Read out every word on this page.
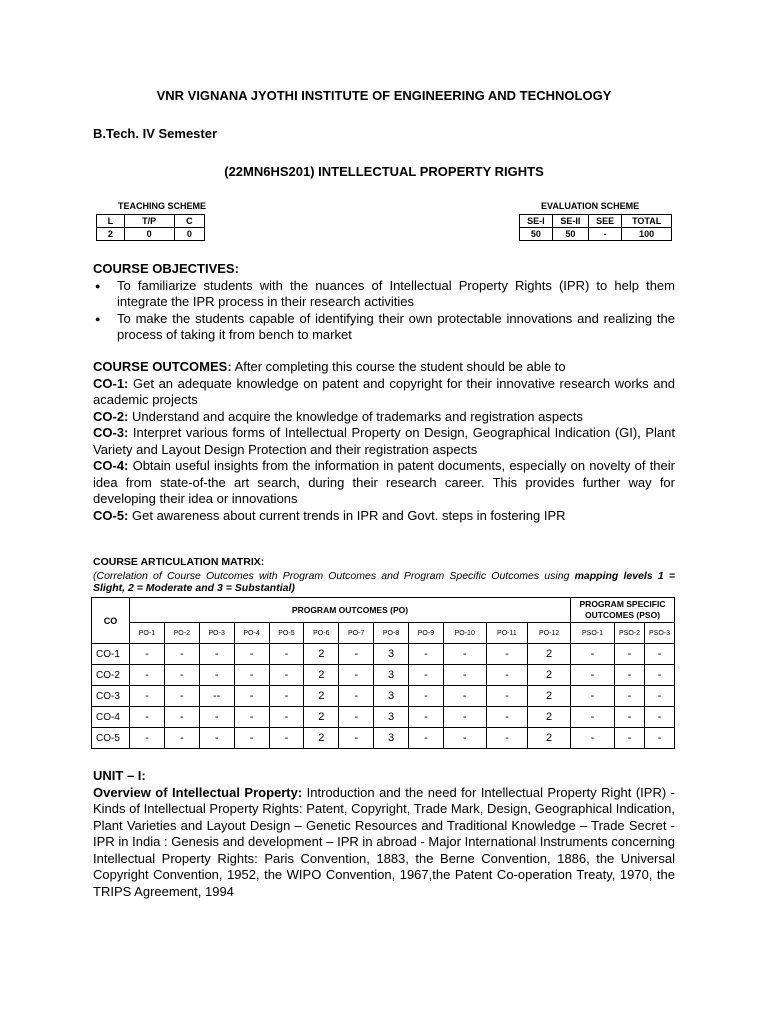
VNR VIGNANA JYOTHI INSTITUTE OF ENGINEERING AND TECHNOLOGY
B.Tech. IV Semester
(22MN6HS201) INTELLECTUAL PROPERTY RIGHTS
TEACHING SCHEME
L	T/P	C
2	0	0
EVALUATION SCHEME
SE-I	SE-II	SEE	TOTAL
50	50	-	100
COURSE OBJECTIVES:
● To familiarize students with the nuances of Intellectual Property Rights (IPR) to help them integrate the IPR process in their research activities
● To make the students capable of identifying their own protectable innovations and realizing the process of taking it from bench to market
COURSE OUTCOMES: After completing this course the student should be able to
CO-1: Get an adequate knowledge on patent and copyright for their innovative research works and academic projects
CO-2: Understand and acquire the knowledge of trademarks and registration aspects
CO-3: Interpret various forms of Intellectual Property on Design, Geographical Indication (GI), Plant Variety and Layout Design Protection and their registration aspects
CO-4: Obtain useful insights from the information in patent documents, especially on novelty of their idea from state-of-the art search, during their research career. This provides further way for developing their idea or innovations
CO-5: Get awareness about current trends in IPR and Govt. steps in fostering IPR
COURSE ARTICULATION MATRIX:
(Correlation of Course Outcomes with Program Outcomes and Program Specific Outcomes using mapping levels 1 = Slight, 2 = Moderate and 3 = Substantial)
CO	PROGRAM OUTCOMES (PO)												PROGRAM SPECIFIC OUTCOMES (PSO)		
	PO-1	PO-2	PO-3	PO-4	PO-5	PO-6	PO-7	PO-8	PO-9	PO-10	PO-11	PO-12	PSO-1	PSO-2	PSO-3
CO-1	-	-	-	-	-	2	-	3	-	-	-	2	-	-	-
CO-2	-	-	-	-	-	2	-	3	-	-	-	2	-	-	-
CO-3	-	-	--	-	-	2	-	3	-	-	-	2	-	-	-
CO-4	-	-	-	-	-	2	-	3	-	-	-	2	-	-	-
CO-5	-	-	-	-	-	2	-	3	-	-	-	2	-	-	-
UNIT – I:
Overview of Intellectual Property: Introduction and the need for Intellectual Property Right (IPR) - Kinds of Intellectual Property Rights: Patent, Copyright, Trade Mark, Design, Geographical Indication, Plant Varieties and Layout Design – Genetic Resources and Traditional Knowledge – Trade Secret - IPR in India : Genesis and development – IPR in abroad - Major International Instruments concerning Intellectual Property Rights: Paris Convention, 1883, the Berne Convention, 1886, the Universal Copyright Convention, 1952, the WIPO Convention, 1967,the Patent Co-operation Treaty, 1970, the TRIPS Agreement, 1994
